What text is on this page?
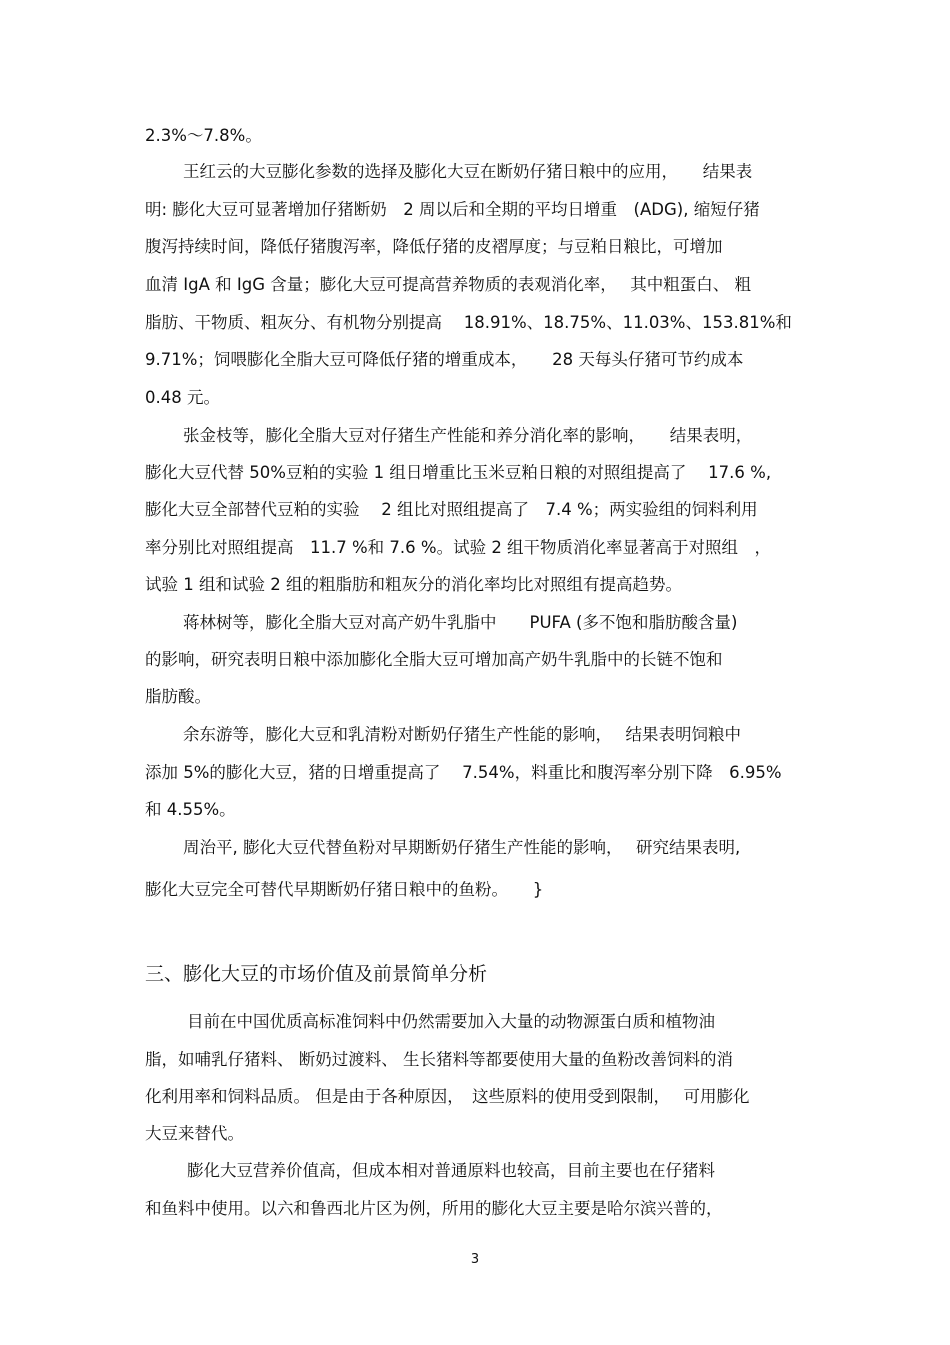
2.3%～7.8%。
王红云的大豆膨化参数的选择及膨化大豆在断奶仔猪日粮中的应用，　　结果表
明: 膨化大豆可显著增加仔猪断奶　2 周以后和全期的平均日增重　(ADG), 缩短仔猪
腹泻持续时间，降低仔猪腹泻率，降低仔猪的皮褶厚度；与豆粕日粮比，可增加
血清 IgA 和 IgG 含量；膨化大豆可提高营养物质的表观消化率，　 其中粗蛋白、 粗
脂肪、干物质、粗灰分、有机物分别提高　 18.91%、18.75%、11.03%、153.81%和
9.71%；饲喂膨化全脂大豆可降低仔猪的增重成本，　　28 天每头仔猪可节约成本
0.48 元。
张金枝等，膨化全脂大豆对仔猪生产性能和养分消化率的影响，　　结果表明，
膨化大豆代替 50%豆粕的实验 1 组日增重比玉米豆粕日粮的对照组提高了　 17.6 %,
膨化大豆全部替代豆粕的实验　 2 组比对照组提高了　7.4 %；两实验组的饲料利用
率分别比对照组提高　11.7 %和 7.6 %。试验 2 组干物质消化率显著高于对照组　，
试验 1 组和试验 2 组的粗脂肪和粗灰分的消化率均比对照组有提高趋势。
蒋林树等，膨化全脂大豆对高产奶牛乳脂中　　PUFA (多不饱和脂肪酸含量)
的影响，研究表明日粮中添加膨化全脂大豆可增加高产奶牛乳脂中的长链不饱和
脂肪酸。
余东游等，膨化大豆和乳清粉对断奶仔猪生产性能的影响，　 结果表明饲粮中
添加 5%的膨化大豆，猪的日增重提高了　 7.54%，料重比和腹泻率分别下降　6.95%
和 4.55%。
周治平, 膨化大豆代替鱼粉对早期断奶仔猪生产性能的影响，　 研究结果表明,
膨化大豆完全可替代早期断奶仔猪日粮中的鱼粉。　　}
三、膨化大豆的市场价值及前景简单分析
目前在中国优质高标准饲料中仍然需要加入大量的动物源蛋白质和植物油
脂，如哺乳仔猪料、 断奶过渡料、 生长猪料等都要使用大量的鱼粉改善饲料的消
化利用率和饲料品质。 但是由于各种原因，　这些原料的使用受到限制，　 可用膨化
大豆来替代。
膨化大豆营养价值高，但成本相对普通原料也较高，目前主要也在仔猪料
和鱼料中使用。以六和鲁西北片区为例，所用的膨化大豆主要是哈尔滨兴普的，
3
